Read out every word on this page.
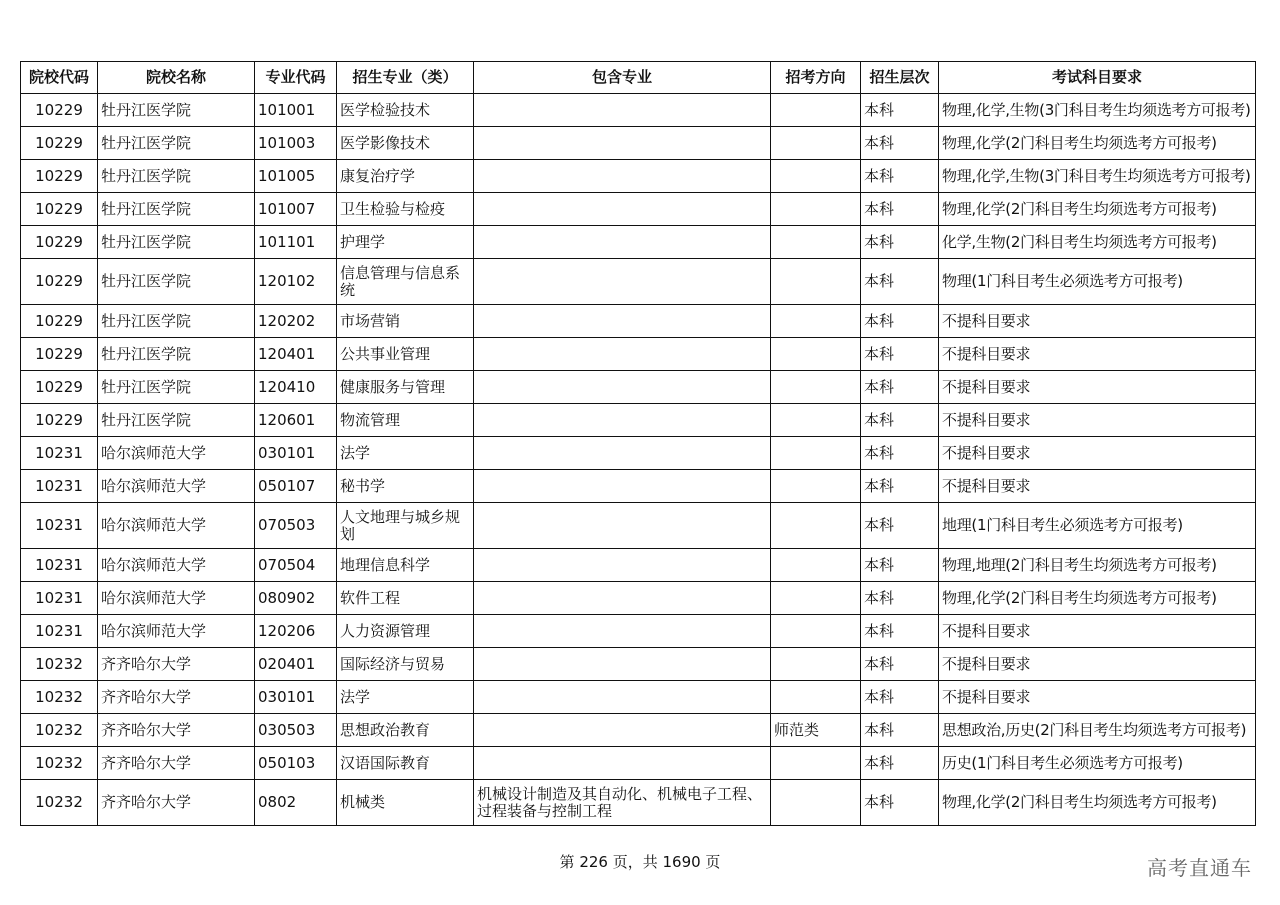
院校代码	院校名称	专业代码	招生专业（类）	包含专业	招考方向	招生层次	考试科目要求
10229	牡丹江医学院	101001	医学检验技术			本科	物理,化学,生物(3门科目考生均须选考方可报考)
10229	牡丹江医学院	101003	医学影像技术			本科	物理,化学(2门科目考生均须选考方可报考)
10229	牡丹江医学院	101005	康复治疗学			本科	物理,化学,生物(3门科目考生均须选考方可报考)
10229	牡丹江医学院	101007	卫生检验与检疫			本科	物理,化学(2门科目考生均须选考方可报考)
10229	牡丹江医学院	101101	护理学			本科	化学,生物(2门科目考生均须选考方可报考)
10229	牡丹江医学院	120102	信息管理与信息系统			本科	物理(1门科目考生必须选考方可报考)
10229	牡丹江医学院	120202	市场营销			本科	不提科目要求
10229	牡丹江医学院	120401	公共事业管理			本科	不提科目要求
10229	牡丹江医学院	120410	健康服务与管理			本科	不提科目要求
10229	牡丹江医学院	120601	物流管理			本科	不提科目要求
10231	哈尔滨师范大学	030101	法学			本科	不提科目要求
10231	哈尔滨师范大学	050107	秘书学			本科	不提科目要求
10231	哈尔滨师范大学	070503	人文地理与城乡规划			本科	地理(1门科目考生必须选考方可报考)
10231	哈尔滨师范大学	070504	地理信息科学			本科	物理,地理(2门科目考生均须选考方可报考)
10231	哈尔滨师范大学	080902	软件工程			本科	物理,化学(2门科目考生均须选考方可报考)
10231	哈尔滨师范大学	120206	人力资源管理			本科	不提科目要求
10232	齐齐哈尔大学	020401	国际经济与贸易			本科	不提科目要求
10232	齐齐哈尔大学	030101	法学			本科	不提科目要求
10232	齐齐哈尔大学	030503	思想政治教育		师范类	本科	思想政治,历史(2门科目考生均须选考方可报考)
10232	齐齐哈尔大学	050103	汉语国际教育			本科	历史(1门科目考生必须选考方可报考)
10232	齐齐哈尔大学	0802	机械类	机械设计制造及其自动化、机械电子工程、过程装备与控制工程		本科	物理,化学(2门科目考生均须选考方可报考)
第 226 页，共 1690 页	高考直通车
